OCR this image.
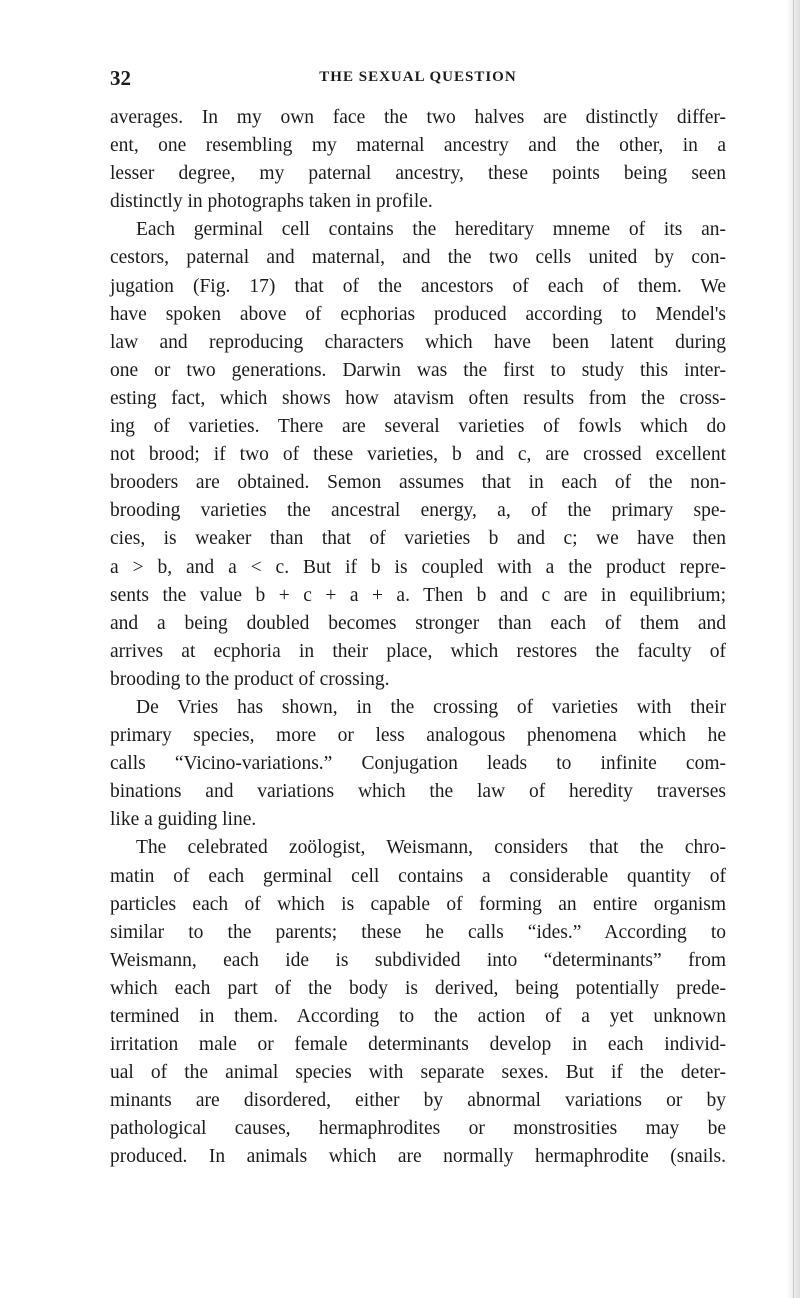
32	THE SEXUAL QUESTION
averages. In my own face the two halves are distinctly differ-
ent, one resembling my maternal ancestry and the other, in a
lesser degree, my paternal ancestry, these points being seen
distinctly in photographs taken in profile.
Each germinal cell contains the hereditary mneme of its an-
cestors, paternal and maternal, and the two cells united by con-
jugation (Fig. 17) that of the ancestors of each of them. We
have spoken above of ecphorias produced according to Mendel's
law and reproducing characters which have been latent during
one or two generations. Darwin was the first to study this inter-
esting fact, which shows how atavism often results from the cross-
ing of varieties. There are several varieties of fowls which do
not brood; if two of these varieties, b and c, are crossed excellent
brooders are obtained. Semon assumes that in each of the non-
brooding varieties the ancestral energy, a, of the primary spe-
cies, is weaker than that of varieties b and c; we have then
a > b, and a < c. But if b is coupled with a the product repre-
sents the value b + c + a + a. Then b and c are in equilibrium;
and a being doubled becomes stronger than each of them and
arrives at ecphoria in their place, which restores the faculty of
brooding to the product of crossing.
De Vries has shown, in the crossing of varieties with their
primary species, more or less analogous phenomena which he
calls “Vicino-variations.” Conjugation leads to infinite com-
binations and variations which the law of heredity traverses
like a guiding line.
The celebrated zoölogist, Weismann, considers that the chro-
matin of each germinal cell contains a considerable quantity of
particles each of which is capable of forming an entire organism
similar to the parents; these he calls “ides.” According to
Weismann, each ide is subdivided into “determinants” from
which each part of the body is derived, being potentially prede-
termined in them. According to the action of a yet unknown
irritation male or female determinants develop in each individ-
ual of the animal species with separate sexes. But if the deter-
minants are disordered, either by abnormal variations or by
pathological causes, hermaphrodites or monstrosities may be
produced. In animals which are normally hermaphrodite (snails.
